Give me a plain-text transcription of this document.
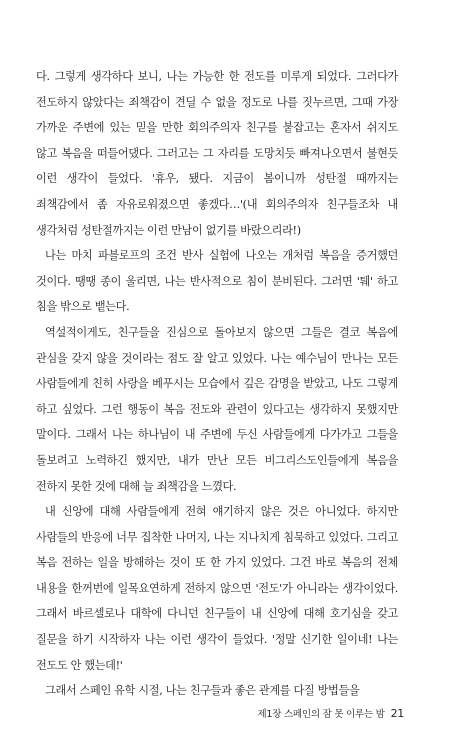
다. 그렇게 생각하다 보니, 나는 가능한 한 전도를 미루게 되었다. 그러다가 전도하지 않았다는 죄책감이 견딜 수 없을 정도로 나를 짓누르면, 그때 가장 가까운 주변에 있는 믿을 만한 회의주의자 친구를 붙잡고는 혼자서 쉬지도 않고 복음을 떠들어댔다. 그러고는 그 자리를 도망치듯 빠져나오면서 불현듯 이런 생각이 들었다. '휴우, 됐다. 지금이 봄이니까 성탄절 때까지는 죄책감에서 좀 자유로워졌으면 좋겠다…'(내 회의주의자 친구들조차 내 생각처럼 성탄절까지는 이런 만남이 없기를 바랐으리라!)

나는 마치 파블로프의 조건 반사 실험에 나오는 개처럼 복음을 증거했던 것이다. 땡땡 종이 울리면, 나는 반사적으로 침이 분비된다. 그러면 '퉤' 하고 침을 밖으로 뱉는다.

역설적이게도, 친구들을 진심으로 돌아보지 않으면 그들은 결코 복음에 관심을 갖지 않을 것이라는 점도 잘 알고 있었다. 나는 예수님이 만나는 모든 사람들에게 친히 사랑을 베푸시는 모습에서 깊은 감명을 받았고, 나도 그렇게 하고 싶었다. 그런 행동이 복음 전도와 관련이 있다고는 생각하지 못했지만 말이다. 그래서 나는 하나님이 내 주변에 두신 사람들에게 다가가고 그들을 돌보려고 노력하긴 했지만, 내가 만난 모든 비그리스도인들에게 복음을 전하지 못한 것에 대해 늘 죄책감을 느꼈다.

내 신앙에 대해 사람들에게 전혀 얘기하지 않은 것은 아니었다. 하지만 사람들의 반응에 너무 집착한 나머지, 나는 지나치게 침묵하고 있었다. 그리고 복음 전하는 일을 방해하는 것이 또 한 가지 있었다. 그건 바로 복음의 전체 내용을 한꺼번에 일목요연하게 전하지 않으면 '전도'가 아니라는 생각이었다. 그래서 바르셀로나 대학에 다니던 친구들이 내 신앙에 대해 호기심을 갖고 질문을 하기 시작하자 나는 이런 생각이 들었다. '정말 신기한 일이네! 나는 전도도 안 했는데!'

그래서 스페인 유학 시절, 나는 친구들과 좋은 관계를 다질 방법들을

제1장 스페인의 잠 못 이루는 밤 21
